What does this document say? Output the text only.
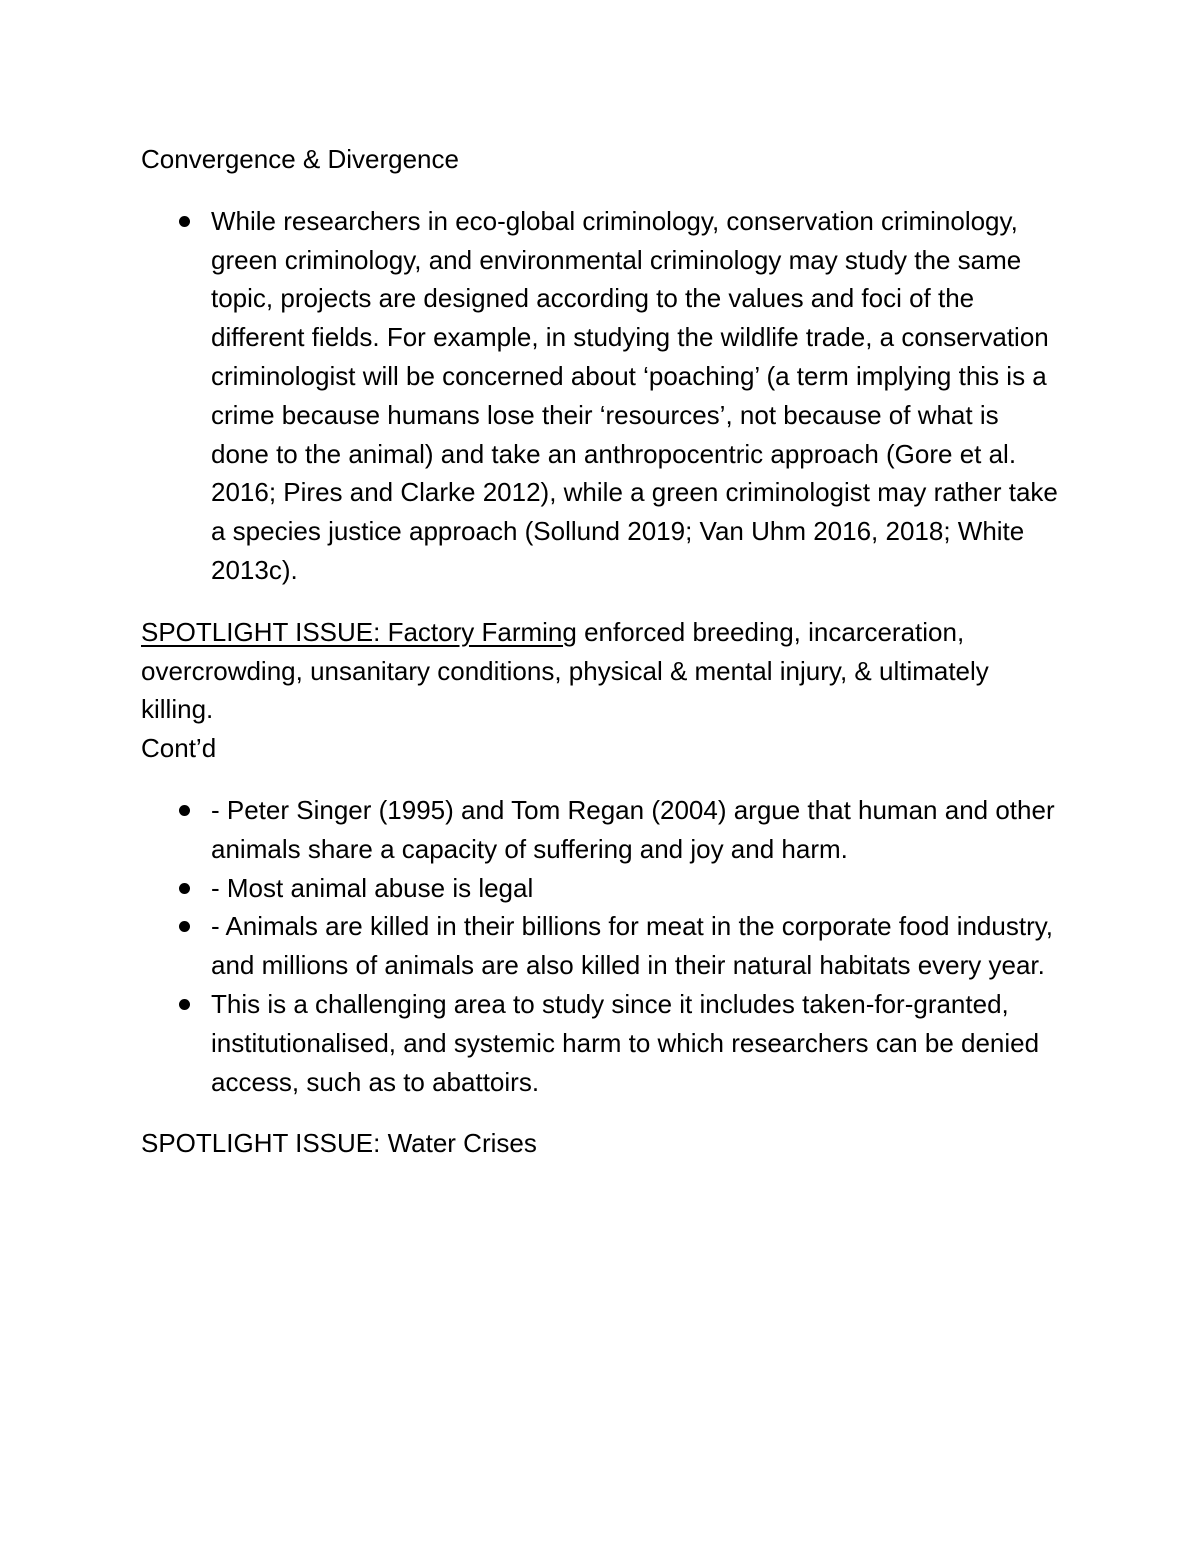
Convergence & Divergence

While researchers in eco-global criminology, conservation criminology, green criminology, and environmental criminology may study the same topic, projects are designed according to the values and foci of the different fields. For example, in studying the wildlife trade, a conservation criminologist will be concerned about ‘poaching’ (a term implying this is a crime because humans lose their ‘resources’, not because of what is done to the animal) and take an anthropocentric approach (Gore et al. 2016; Pires and Clarke 2012), while a green criminologist may rather take a species justice approach (Sollund 2019; Van Uhm 2016, 2018; White 2013c).

SPOTLIGHT ISSUE: Factory Farming enforced breeding, incarceration, overcrowding, unsanitary conditions, physical & mental injury, & ultimately killing.

Cont’d

- Peter Singer (1995) and Tom Regan (2004) argue that human and other animals share a capacity of suffering and joy and harm.
- Most animal abuse is legal
- Animals are killed in their billions for meat in the corporate food industry, and millions of animals are also killed in their natural habitats every year.
This is a challenging area to study since it includes taken-for-granted, institutionalised, and systemic harm to which researchers can be denied access, such as to abattoirs.

SPOTLIGHT ISSUE: Water Crises
